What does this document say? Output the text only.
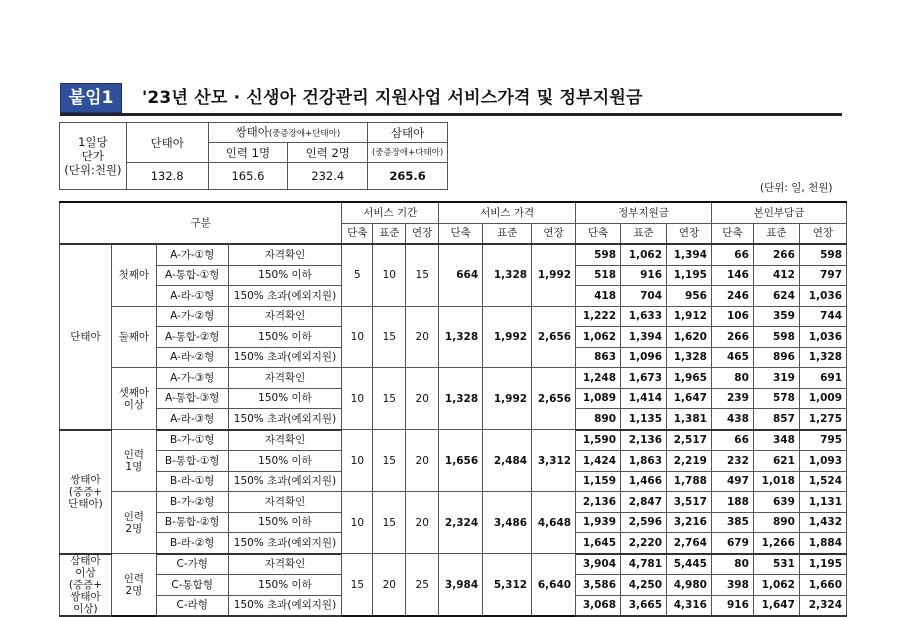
붙임1	'23년 산모 · 신생아 건강관리 지원사업 서비스가격 및 정부지원금
1일당
단가
(단위:천원)	단태아	쌍태아(중증장애+단태아)		삼태아
		인력 1명	인력 2명	(중증장애+다태아)
	132.8	165.6	232.4	265.6
(단위: 일, 천원)
구분				서비스 기간			서비스 가격			정부지원금			본인부담금		
				단축	표준	연장	단축	표준	연장	단축	표준	연장	단축	표준	연장
단태아	첫째아	A-가-①형	자격확인	5	10	15	664	1,328	1,992	598	1,062	1,394	66	266	598
		A-통합-①형	150% 이하							518	916	1,195	146	412	797
		A-라-①형	150% 초과(예외지원)							418	704	956	246	624	1,036
	둘째아	A-가-②형	자격확인	10	15	20	1,328	1,992	2,656	1,222	1,633	1,912	106	359	744
		A-통합-②형	150% 이하							1,062	1,394	1,620	266	598	1,036
		A-라-②형	150% 초과(예외지원)							863	1,096	1,328	465	896	1,328
	셋째아
이상	A-가-③형	자격확인	10	15	20	1,328	1,992	2,656	1,248	1,673	1,965	80	319	691
		A-통합-③형	150% 이하							1,089	1,414	1,647	239	578	1,009
		A-라-③형	150% 초과(예외지원)							890	1,135	1,381	438	857	1,275
쌍태아
(중증+
단태아)	인력
1명	B-가-①형	자격확인	10	15	20	1,656	2,484	3,312	1,590	2,136	2,517	66	348	795
		B-통합-①형	150% 이하							1,424	1,863	2,219	232	621	1,093
		B-라-①형	150% 초과(예외지원)							1,159	1,466	1,788	497	1,018	1,524
	인력
2명	B-가-②형	자격확인	10	15	20	2,324	3,486	4,648	2,136	2,847	3,517	188	639	1,131
		B-통합-②형	150% 이하							1,939	2,596	3,216	385	890	1,432
		B-라-②형	150% 초과(예외지원)							1,645	2,220	2,764	679	1,266	1,884
삼태아
이상
(중증+
쌍태아
이상)	인력
2명	C-가형	자격확인	15	20	25	3,984	5,312	6,640	3,904	4,781	5,445	80	531	1,195
		C-통합형	150% 이하							3,586	4,250	4,980	398	1,062	1,660
		C-라형	150% 초과(예외지원)							3,068	3,665	4,316	916	1,647	2,324
